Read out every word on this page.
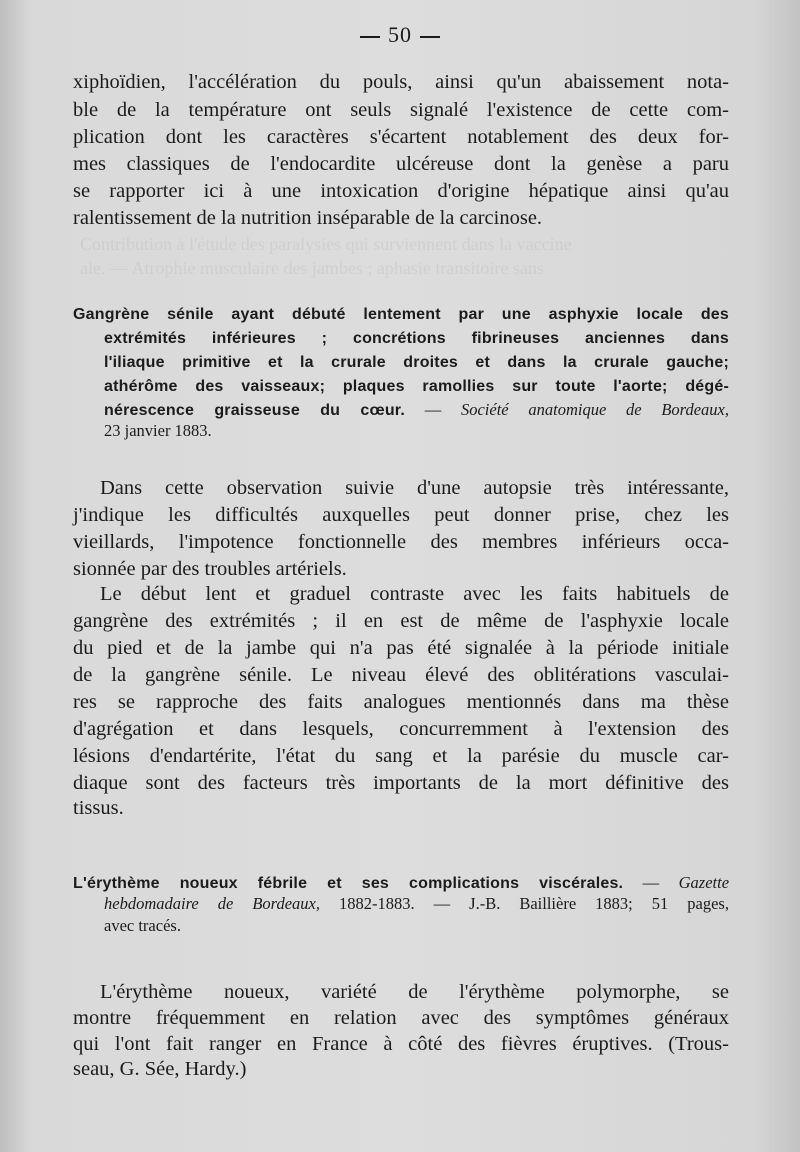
50
Contribution à l'étude des paralysies qui surviennent dans la vaccine
ale. — Atrophie musculaire des jambes ; aphasie transitoire sans
xiphoïdien, l'accélération du pouls, ainsi qu'un abaissement nota-
ble de la température ont seuls signalé l'existence de cette com-
plication dont les caractères s'écartent notablement des deux for-
mes classiques de l'endocardite ulcéreuse dont la genèse a paru
se rapporter ici à une intoxication d'origine hépatique ainsi qu'au
ralentissement de la nutrition inséparable de la carcinose.
Gangrène sénile ayant débuté lentement par une asphyxie locale des
extrémités inférieures ; concrétions fibrineuses anciennes dans
l'iliaque primitive et la crurale droites et dans la crurale gauche;
athérôme des vaisseaux; plaques ramollies sur toute l'aorte; dégé-
nérescence graisseuse du cœur. — Société anatomique de Bordeaux,
23 janvier 1883.
Dans cette observation suivie d'une autopsie très intéressante,
j'indique les difficultés auxquelles peut donner prise, chez les
vieillards, l'impotence fonctionnelle des membres inférieurs occa-
sionnée par des troubles artériels.
Le début lent et graduel contraste avec les faits habituels de
gangrène des extrémités ; il en est de même de l'asphyxie locale
du pied et de la jambe qui n'a pas été signalée à la période initiale
de la gangrène sénile. Le niveau élevé des oblitérations vasculai-
res se rapproche des faits analogues mentionnés dans ma thèse
d'agrégation et dans lesquels, concurremment à l'extension des
lésions d'endartérite, l'état du sang et la parésie du muscle car-
diaque sont des facteurs très importants de la mort définitive des
tissus.
L'érythème noueux fébrile et ses complications viscérales. — Gazette
hebdomadaire de Bordeaux, 1882-1883. — J.-B. Baillière 1883; 51 pages,
avec tracés.
L'érythème noueux, variété de l'érythème polymorphe, se
montre fréquemment en relation avec des symptômes généraux
qui l'ont fait ranger en France à côté des fièvres éruptives. (Trous-
seau, G. Sée, Hardy.)
